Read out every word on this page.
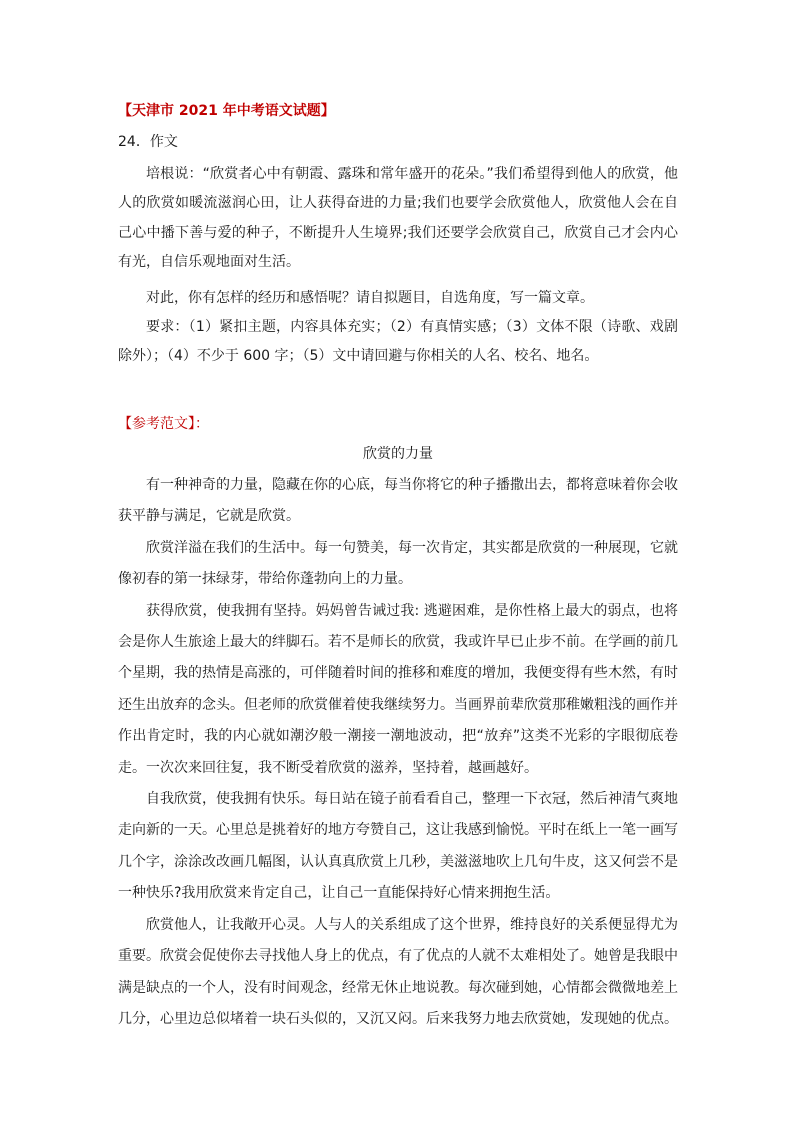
【天津市 2021 年中考语文试题】
24．作文

培根说：“欣赏者心中有朝霞、露珠和常年盛开的花朵。”我们希望得到他人的欣赏，他人的欣赏如暖流滋润心田，让人获得奋进的力量;我们也要学会欣赏他人，欣赏他人会在自己心中播下善与爱的种子，不断提升人生境界;我们还要学会欣赏自己，欣赏自己才会内心有光，自信乐观地面对生活。

对此，你有怎样的经历和感悟呢？请自拟题目，自选角度，写一篇文章。

要求：（1）紧扣主题，内容具体充实；（2）有真情实感；（3）文体不限（诗歌、戏剧除外）；（4）不少于 600 字；（5）文中请回避与你相关的人名、校名、地名。

【参考范文】：
欣赏的力量

有一种神奇的力量，隐藏在你的心底，每当你将它的种子播撒出去，都将意味着你会收获平静与满足，它就是欣赏。

欣赏洋溢在我们的生活中。每一句赞美，每一次肯定，其实都是欣赏的一种展现，它就像初春的第一抹绿芽，带给你蓬勃向上的力量。

获得欣赏，使我拥有坚持。妈妈曾告诫过我: 逃避困难，是你性格上最大的弱点，也将会是你人生旅途上最大的绊脚石。若不是师长的欣赏，我或许早已止步不前。在学画的前几个星期，我的热情是高涨的，可伴随着时间的推移和难度的增加，我便变得有些木然，有时还生出放弃的念头。但老师的欣赏催着使我继续努力。当画界前辈欣赏那稚嫩粗浅的画作并作出肯定时，我的内心就如潮汐般一潮接一潮地波动，把“放弃”这类不光彩的字眼彻底卷走。一次次来回往复，我不断受着欣赏的滋养，坚持着，越画越好。

自我欣赏，使我拥有快乐。每日站在镜子前看看自己，整理一下衣冠，然后神清气爽地走向新的一天。心里总是挑着好的地方夸赞自己，这让我感到愉悦。平时在纸上一笔一画写几个字，涂涂改改画几幅图，认认真真欣赏上几秒，美滋滋地吹上几句牛皮，这又何尝不是一种快乐?我用欣赏来肯定自己，让自己一直能保持好心情来拥抱生活。

欣赏他人，让我敞开心灵。人与人的关系组成了这个世界，维持良好的关系便显得尤为重要。欣赏会促使你去寻找他人身上的优点，有了优点的人就不太难相处了。她曾是我眼中满是缺点的一个人，没有时间观念，经常无休止地说教。每次碰到她，心情都会微微地差上几分，心里边总似堵着一块石头似的，又沉又闷。后来我努力地去欣赏她，发现她的优点。
